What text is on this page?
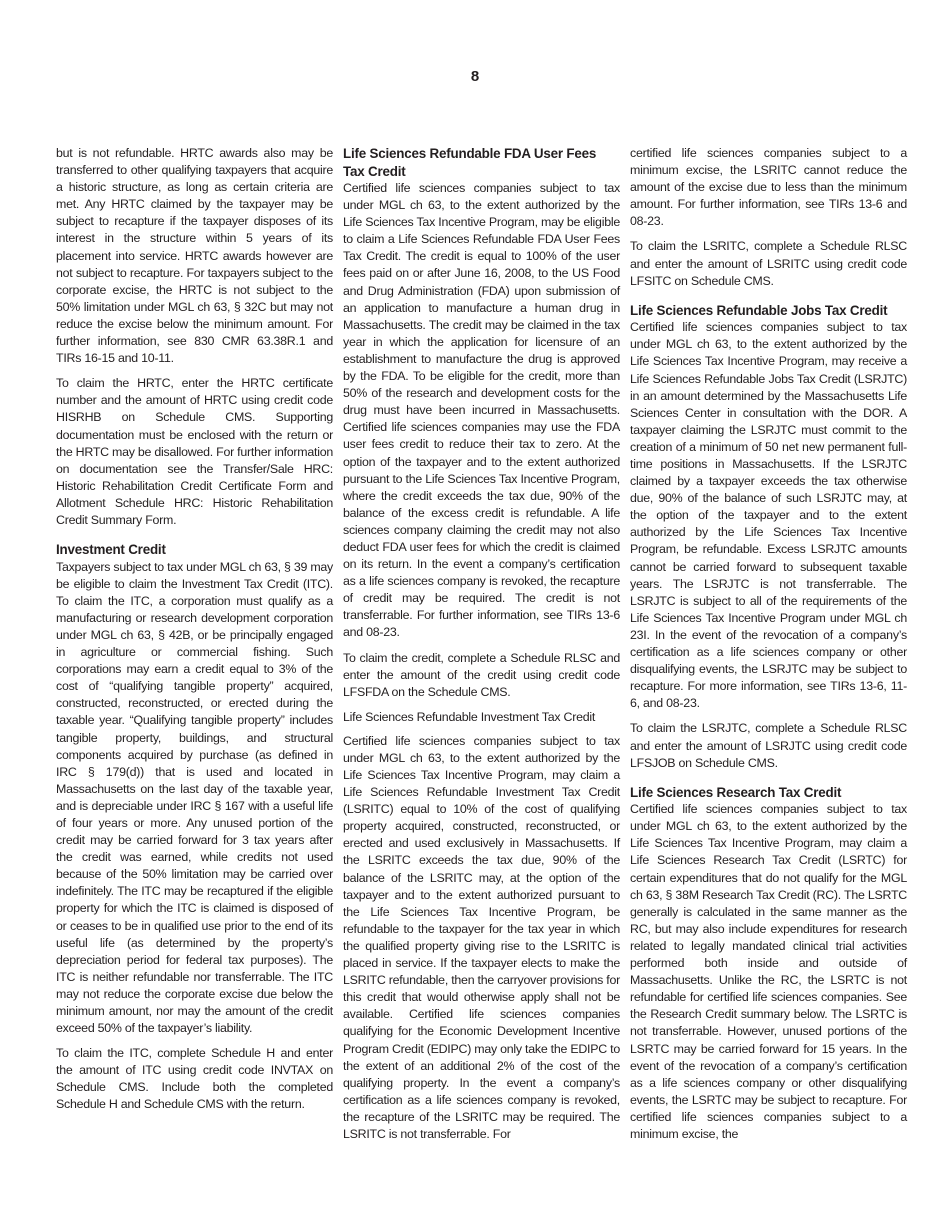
8

but is not refundable. HRTC awards also may be transferred to other qualifying taxpayers that acquire a historic structure, as long as certain criteria are met. Any HRTC claimed by the taxpayer may be subject to recapture if the taxpayer disposes of its interest in the structure within 5 years of its placement into service. HRTC awards however are not subject to recapture. For taxpayers subject to the corporate excise, the HRTC is not subject to the 50% limitation under MGL ch 63, § 32C but may not reduce the excise below the minimum amount. For further information, see 830 CMR 63.38R.1 and TIRs 16-15 and 10-11.

To claim the HRTC, enter the HRTC certificate number and the amount of HRTC using credit code HISRHB on Schedule CMS. Supporting documentation must be enclosed with the return or the HRTC may be disallowed. For further information on documentation see the Transfer/Sale HRC: Historic Rehabilitation Credit Certificate Form and Allotment Schedule HRC: Historic Rehabilitation Credit Summary Form.

Investment Credit

Taxpayers subject to tax under MGL ch 63, § 39 may be eligible to claim the Investment Tax Credit (ITC). To claim the ITC, a corporation must qualify as a manufacturing or research development corporation under MGL ch 63, § 42B, or be principally engaged in agriculture or commercial fishing. Such corporations may earn a credit equal to 3% of the cost of “qualifying tangible property” acquired, constructed, reconstructed, or erected during the taxable year. “Qualifying tangible property” includes tangible property, buildings, and structural components acquired by purchase (as defined in IRC § 179(d)) that is used and located in Massachusetts on the last day of the taxable year, and is depreciable under IRC § 167 with a useful life of four years or more. Any unused portion of the credit may be carried forward for 3 tax years after the credit was earned, while credits not used because of the 50% limitation may be carried over indefinitely. The ITC may be recaptured if the eligible property for which the ITC is claimed is disposed of or ceases to be in qualified use prior to the end of its useful life (as determined by the property’s depreciation period for federal tax purposes). The ITC is neither refundable nor transferrable. The ITC may not reduce the corporate excise due below the minimum amount, nor may the amount of the credit exceed 50% of the taxpayer’s liability.

To claim the ITC, complete Schedule H and enter the amount of ITC using credit code INVTAX on Schedule CMS. Include both the completed Schedule H and Schedule CMS with the return.

Life Sciences Refundable FDA User Fees Tax Credit

Certified life sciences companies subject to tax under MGL ch 63, to the extent authorized by the Life Sciences Tax Incentive Program, may be eligible to claim a Life Sciences Refundable FDA User Fees Tax Credit. The credit is equal to 100% of the user fees paid on or after June 16, 2008, to the US Food and Drug Administration (FDA) upon submission of an application to manufacture a human drug in Massachusetts. The credit may be claimed in the tax year in which the application for licensure of an establishment to manufacture the drug is approved by the FDA. To be eligible for the credit, more than 50% of the research and development costs for the drug must have been incurred in Massachusetts. Certified life sciences companies may use the FDA user fees credit to reduce their tax to zero. At the option of the taxpayer and to the extent authorized pursuant to the Life Sciences Tax Incentive Program, where the credit exceeds the tax due, 90% of the balance of the excess credit is refundable. A life sciences company claiming the credit may not also deduct FDA user fees for which the credit is claimed on its return. In the event a company’s certification as a life sciences company is revoked, the recapture of credit may be required. The credit is not transferrable. For further information, see TIRs 13-6 and 08-23.

To claim the credit, complete a Schedule RLSC and enter the amount of the credit using credit code LFSFDA on the Schedule CMS.

Life Sciences Refundable Investment Tax Credit

Certified life sciences companies subject to tax under MGL ch 63, to the extent authorized by the Life Sciences Tax Incentive Program, may claim a Life Sciences Refundable Investment Tax Credit (LSRITC) equal to 10% of the cost of qualifying property acquired, constructed, reconstructed, or erected and used exclusively in Massachusetts. If the LSRITC exceeds the tax due, 90% of the balance of the LSRITC may, at the option of the taxpayer and to the extent authorized pursuant to the Life Sciences Tax Incentive Program, be refundable to the taxpayer for the tax year in which the qualified property giving rise to the LSRITC is placed in service. If the taxpayer elects to make the LSRITC refundable, then the carryover provisions for this credit that would otherwise apply shall not be available. Certified life sciences companies qualifying for the Economic Development Incentive Program Credit (EDIPC) may only take the EDIPC to the extent of an additional 2% of the cost of the qualifying property. In the event a company’s certification as a life sciences company is revoked, the recapture of the LSRITC may be required. The LSRITC is not transferrable. For

certified life sciences companies subject to a minimum excise, the LSRITC cannot reduce the amount of the excise due to less than the minimum amount. For further information, see TIRs 13-6 and 08-23.

To claim the LSRITC, complete a Schedule RLSC and enter the amount of LSRITC using credit code LFSITC on Schedule CMS.

Life Sciences Refundable Jobs Tax Credit

Certified life sciences companies subject to tax under MGL ch 63, to the extent authorized by the Life Sciences Tax Incentive Program, may receive a Life Sciences Refundable Jobs Tax Credit (LSRJTC) in an amount determined by the Massachusetts Life Sciences Center in consultation with the DOR. A taxpayer claiming the LSRJTC must commit to the creation of a minimum of 50 net new permanent full-time positions in Massachusetts. If the LSRJTC claimed by a taxpayer exceeds the tax otherwise due, 90% of the balance of such LSRJTC may, at the option of the taxpayer and to the extent authorized by the Life Sciences Tax Incentive Program, be refundable. Excess LSRJTC amounts cannot be carried forward to subsequent taxable years. The LSRJTC is not transferrable. The LSRJTC is subject to all of the requirements of the Life Sciences Tax Incentive Program under MGL ch 23I. In the event of the revocation of a company’s certification as a life sciences company or other disqualifying events, the LSRJTC may be subject to recapture. For more information, see TIRs 13-6, 11-6, and 08-23.

To claim the LSRJTC, complete a Schedule RLSC and enter the amount of LSRJTC using credit code LFSJOB on Schedule CMS.

Life Sciences Research Tax Credit

Certified life sciences companies subject to tax under MGL ch 63, to the extent authorized by the Life Sciences Tax Incentive Program, may claim a Life Sciences Research Tax Credit (LSRTC) for certain expenditures that do not qualify for the MGL ch 63, § 38M Research Tax Credit (RC). The LSRTC generally is calculated in the same manner as the RC, but may also include expenditures for research related to legally mandated clinical trial activities performed both inside and outside of Massachusetts. Unlike the RC, the LSRTC is not refundable for certified life sciences companies. See the Research Credit summary below. The LSRTC is not transferrable. However, unused portions of the LSRTC may be carried forward for 15 years. In the event of the revocation of a company’s certification as a life sciences company or other disqualifying events, the LSRTC may be subject to recapture. For certified life sciences companies subject to a minimum excise, the
